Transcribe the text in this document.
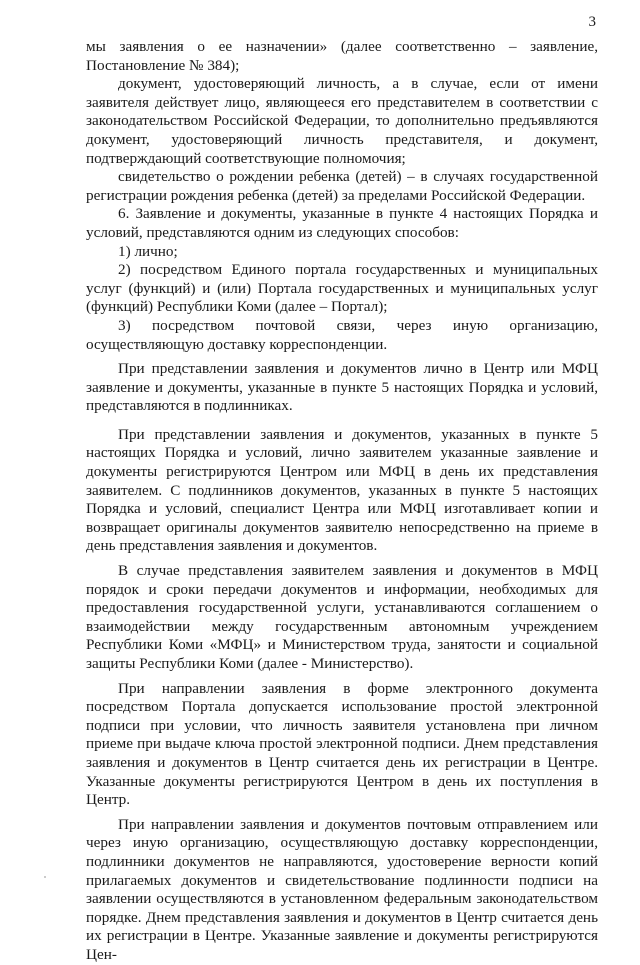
3

мы заявления о ее назначении» (далее соответственно – заявление, Постановление № 384);

документ, удостоверяющий личность, а в случае, если от имени заявителя действует лицо, являющееся его представителем в соответствии с законодательством Российской Федерации, то дополнительно предъявляются документ, удостоверяющий личность представителя, и документ, подтверждающий соответствующие полномочия;

свидетельство о рождении ребенка (детей) – в случаях государственной регистрации рождения ребенка (детей) за пределами Российской Федерации.

6. Заявление и документы, указанные в пункте 4 настоящих Порядка и условий, представляются одним из следующих способов:

1) лично;

2) посредством Единого портала государственных и муниципальных услуг (функций) и (или) Портала государственных и муниципальных услуг (функций) Республики Коми (далее – Портал);

3) посредством почтовой связи, через иную организацию, осуществляющую доставку корреспонденции.

При представлении заявления и документов лично в Центр или МФЦ заявление и документы, указанные в пункте 5 настоящих Порядка и условий, представляются в подлинниках.

При представлении заявления и документов, указанных в пункте 5 настоящих Порядка и условий, лично заявителем указанные заявление и документы регистрируются Центром или МФЦ в день их представления заявителем. С подлинников документов, указанных в пункте 5 настоящих Порядка и условий, специалист Центра или МФЦ изготавливает копии и возвращает оригиналы документов заявителю непосредственно на приеме в день представления заявления и документов.

В случае представления заявителем заявления и документов в МФЦ порядок и сроки передачи документов и информации, необходимых для предоставления государственной услуги, устанавливаются соглашением о взаимодействии между государственным автономным учреждением Республики Коми «МФЦ» и Министерством труда, занятости и социальной защиты Республики Коми (далее - Министерство).

При направлении заявления в форме электронного документа посредством Портала допускается использование простой электронной подписи при условии, что личность заявителя установлена при личном приеме при выдаче ключа простой электронной подписи. Днем представления заявления и документов в Центр считается день их регистрации в Центре. Указанные документы регистрируются Центром в день их поступления в Центр.

При направлении заявления и документов почтовым отправлением или через иную организацию, осуществляющую доставку корреспонденции, подлинники документов не направляются, удостоверение верности копий прилагаемых документов и свидетельствование подлинности подписи на заявлении осуществляются в установленном федеральным законодательством порядке. Днем представления заявления и документов в Центр считается день их регистрации в Центре. Указанные заявление и документы регистрируются Цен-
